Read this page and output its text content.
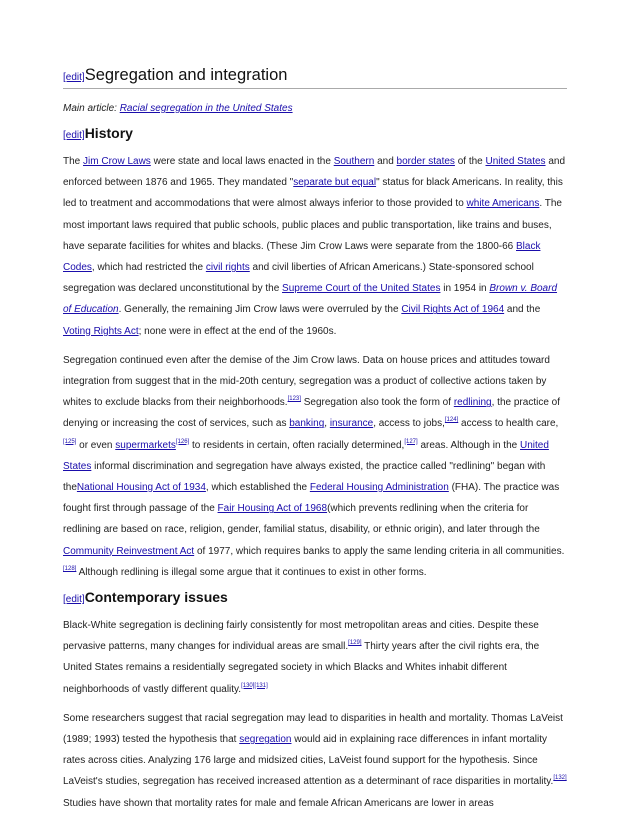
[edit]Segregation and integration
Main article: Racial segregation in the United States
[edit]History

The Jim Crow Laws were state and local laws enacted in the Southern and border states of the United States and enforced between 1876 and 1965. They mandated "separate but equal" status for black Americans. In reality, this led to treatment and accommodations that were almost always inferior to those provided to white Americans. The most important laws required that public schools, public places and public transportation, like trains and buses, have separate facilities for whites and blacks. (These Jim Crow Laws were separate from the 1800-66 Black Codes, which had restricted the civil rights and civil liberties of African Americans.) State-sponsored school segregation was declared unconstitutional by the Supreme Court of the United States in 1954 in Brown v. Board of Education. Generally, the remaining Jim Crow laws were overruled by the Civil Rights Act of 1964 and the Voting Rights Act; none were in effect at the end of the 1960s.

Segregation continued even after the demise of the Jim Crow laws. Data on house prices and attitudes toward integration from suggest that in the mid-20th century, segregation was a product of collective actions taken by whites to exclude blacks from their neighborhoods.[123] Segregation also took the form of redlining, the practice of denying or increasing the cost of services, such as banking, insurance, access to jobs,[124] access to health care,[125] or even supermarkets[126] to residents in certain, often racially determined,[127] areas. Although in the United States informal discrimination and segregation have always existed, the practice called "redlining" began with theNational Housing Act of 1934, which established the Federal Housing Administration (FHA). The practice was fought first through passage of the Fair Housing Act of 1968(which prevents redlining when the criteria for redlining are based on race, religion, gender, familial status, disability, or ethnic origin), and later through the Community Reinvestment Act of 1977, which requires banks to apply the same lending criteria in all communities.[128] Although redlining is illegal some argue that it continues to exist in other forms.

[edit]Contemporary issues

Black-White segregation is declining fairly consistently for most metropolitan areas and cities. Despite these pervasive patterns, many changes for individual areas are small.[129] Thirty years after the civil rights era, the United States remains a residentially segregated society in which Blacks and Whites inhabit different neighborhoods of vastly different quality.[130][131]

Some researchers suggest that racial segregation may lead to disparities in health and mortality. Thomas LaVeist (1989; 1993) tested the hypothesis that segregation would aid in explaining race differences in infant mortality rates across cities. Analyzing 176 large and midsized cities, LaVeist found support for the hypothesis. Since LaVeist's studies, segregation has received increased attention as a determinant of race disparities in mortality.[132] Studies have shown that mortality rates for male and female African Americans are lower in areas
